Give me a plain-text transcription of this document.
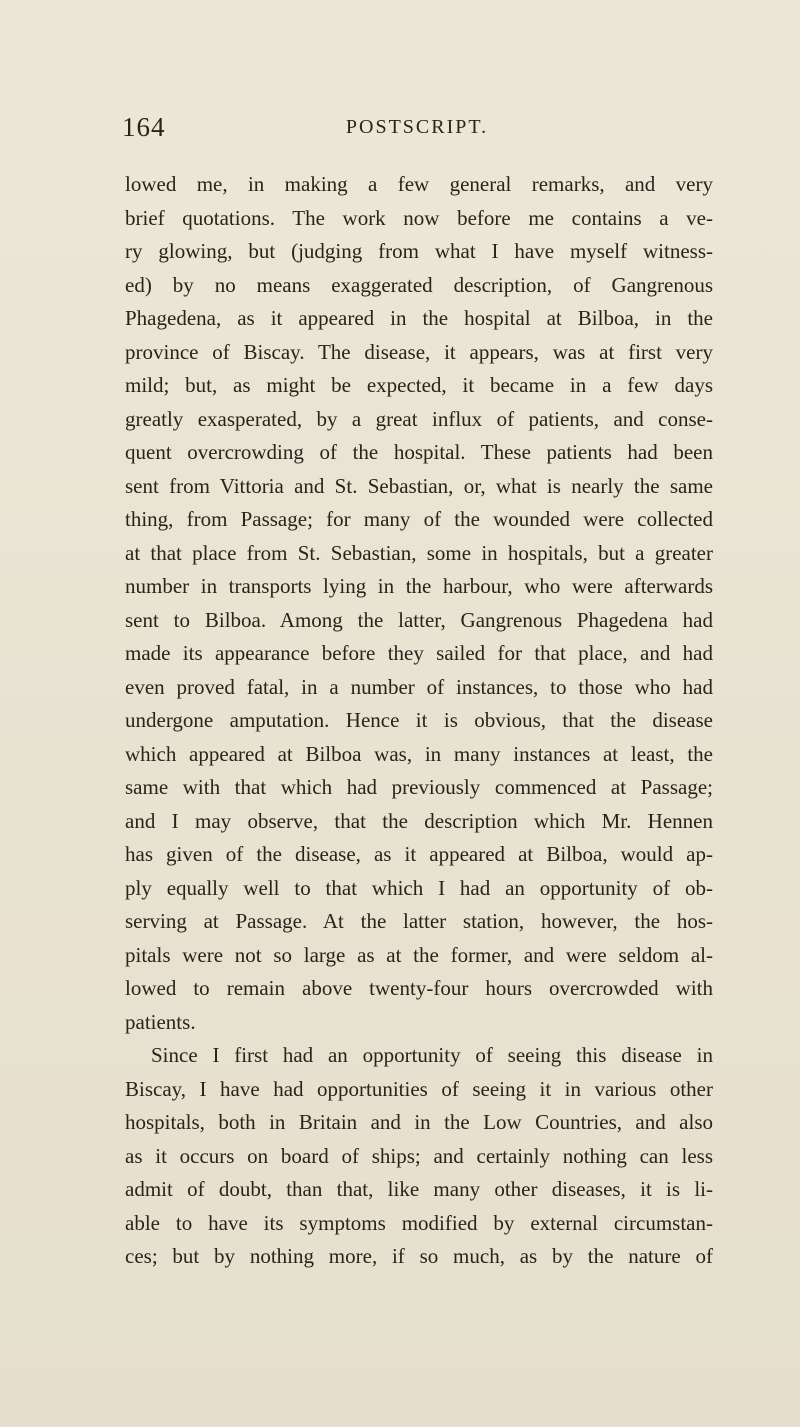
164	POSTSCRIPT.

lowed me, in making a few general remarks, and very
brief quotations. The work now before me contains a ve-
ry glowing, but (judging from what I have myself witness-
ed) by no means exaggerated description, of Gangrenous
Phagedena, as it appeared in the hospital at Bilboa, in the
province of Biscay. The disease, it appears, was at first very
mild; but, as might be expected, it became in a few days
greatly exasperated, by a great influx of patients, and conse-
quent overcrowding of the hospital. These patients had been
sent from Vittoria and St. Sebastian, or, what is nearly the same
thing, from Passage; for many of the wounded were collected
at that place from St. Sebastian, some in hospitals, but a greater
number in transports lying in the harbour, who were afterwards
sent to Bilboa. Among the latter, Gangrenous Phagedena had
made its appearance before they sailed for that place, and had
even proved fatal, in a number of instances, to those who had
undergone amputation. Hence it is obvious, that the disease
which appeared at Bilboa was, in many instances at least, the
same with that which had previously commenced at Passage;
and I may observe, that the description which Mr. Hennen
has given of the disease, as it appeared at Bilboa, would ap-
ply equally well to that which I had an opportunity of ob-
serving at Passage. At the latter station, however, the hos-
pitals were not so large as at the former, and were seldom al-
lowed to remain above twenty-four hours overcrowded with
patients.

Since I first had an opportunity of seeing this disease in
Biscay, I have had opportunities of seeing it in various other
hospitals, both in Britain and in the Low Countries, and also
as it occurs on board of ships; and certainly nothing can less
admit of doubt, than that, like many other diseases, it is li-
able to have its symptoms modified by external circumstan-
ces; but by nothing more, if so much, as by the nature of
